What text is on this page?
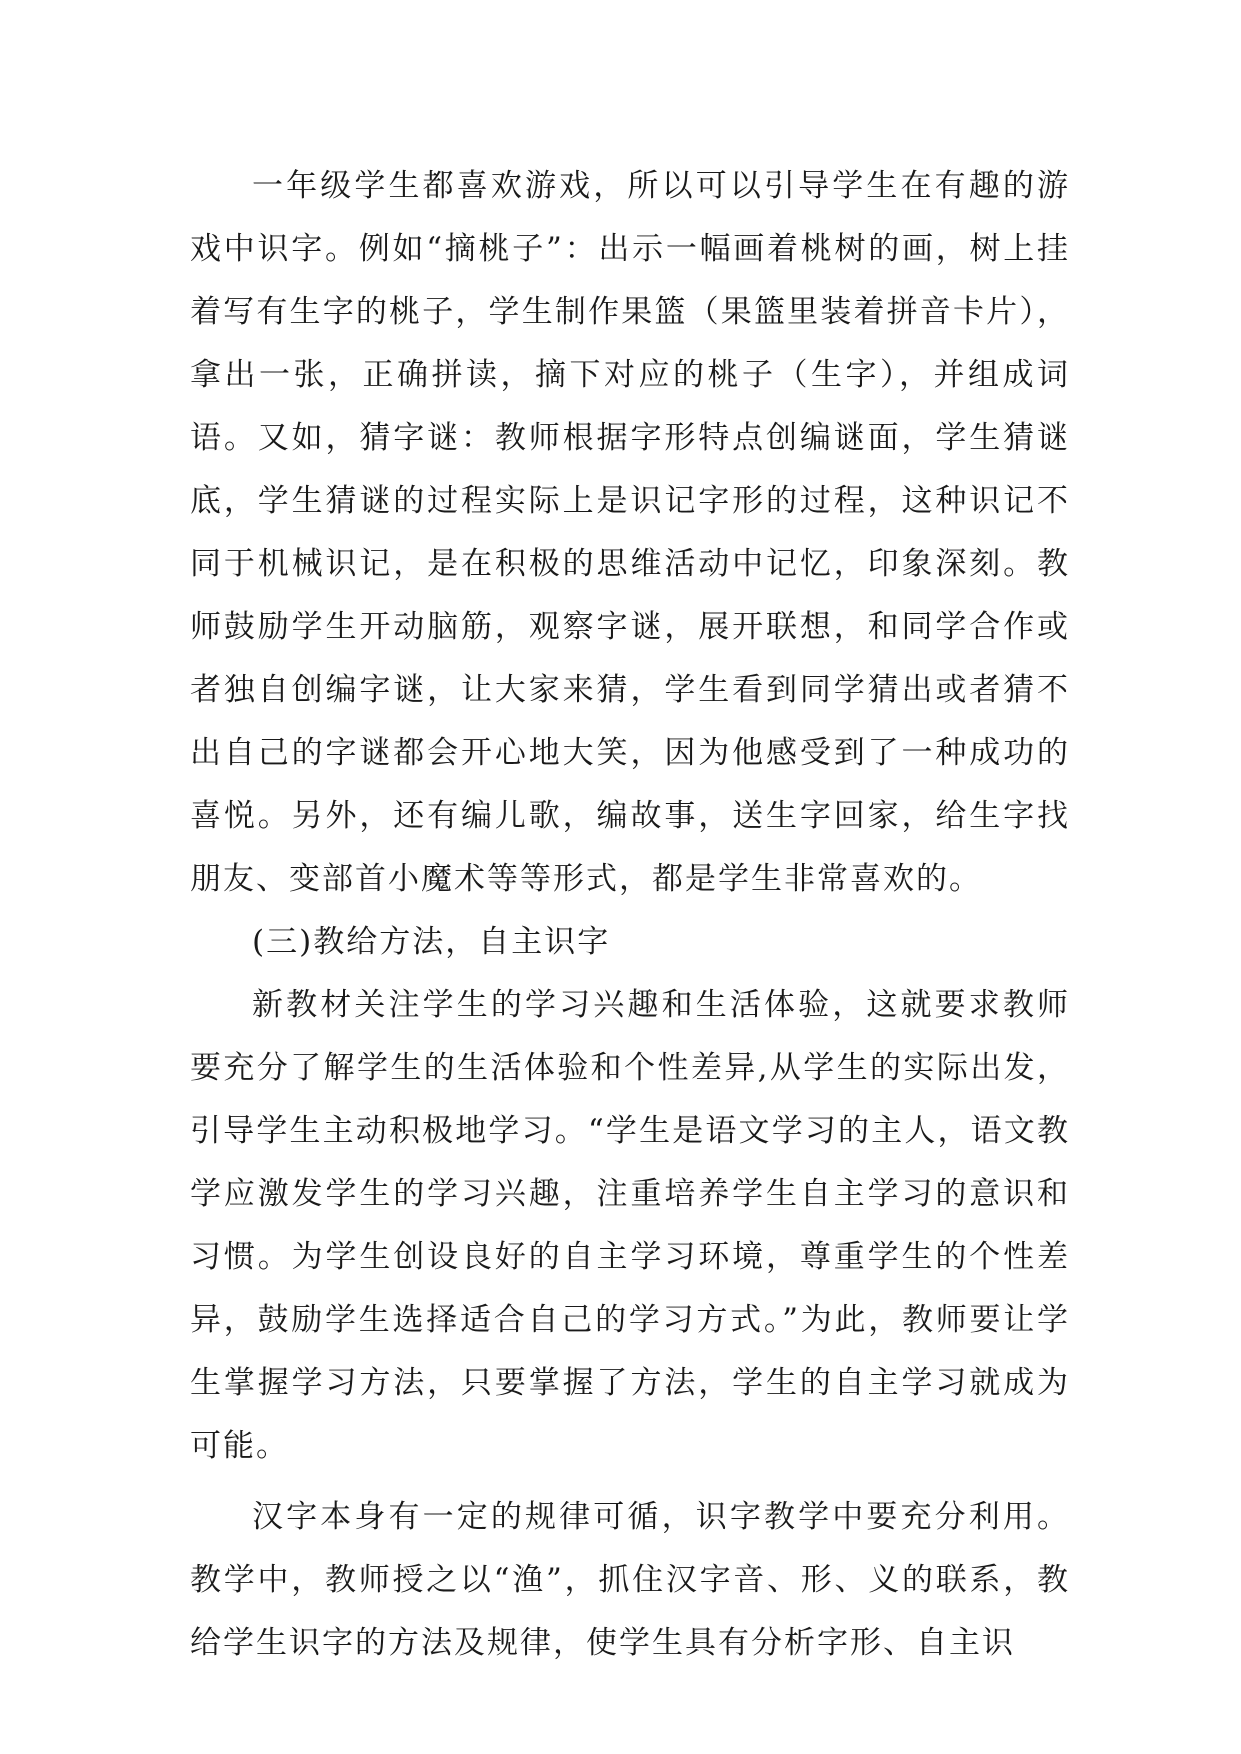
一年级学生都喜欢游戏，所以可以引导学生在有趣的游戏中识字。例如“摘桃子”：出示一幅画着桃树的画，树上挂着写有生字的桃子，学生制作果篮（果篮里装着拼音卡片），拿出一张，正确拼读，摘下对应的桃子（生字），并组成词语。又如，猜字谜：教师根据字形特点创编谜面，学生猜谜底，学生猜谜的过程实际上是识记字形的过程，这种识记不同于机械识记，是在积极的思维活动中记忆，印象深刻。教师鼓励学生开动脑筋，观察字谜，展开联想，和同学合作或者独自创编字谜，让大家来猜，学生看到同学猜出或者猜不出自己的字谜都会开心地大笑，因为他感受到了一种成功的喜悦。另外，还有编儿歌，编故事，送生字回家，给生字找朋友、变部首小魔术等等形式，都是学生非常喜欢的。

(三)教给方法，自主识字

新教材关注学生的学习兴趣和生活体验，这就要求教师要充分了解学生的生活体验和个性差异,从学生的实际出发，引导学生主动积极地学习。“学生是语文学习的主人，语文教学应激发学生的学习兴趣，注重培养学生自主学习的意识和习惯。为学生创设良好的自主学习环境，尊重学生的个性差异，鼓励学生选择适合自己的学习方式。”为此，教师要让学生掌握学习方法，只要掌握了方法，学生的自主学习就成为可能。

汉字本身有一定的规律可循，识字教学中要充分利用。教学中，教师授之以“渔”，抓住汉字音、形、义的联系，教给学生识字的方法及规律，使学生具有分析字形、自主识
